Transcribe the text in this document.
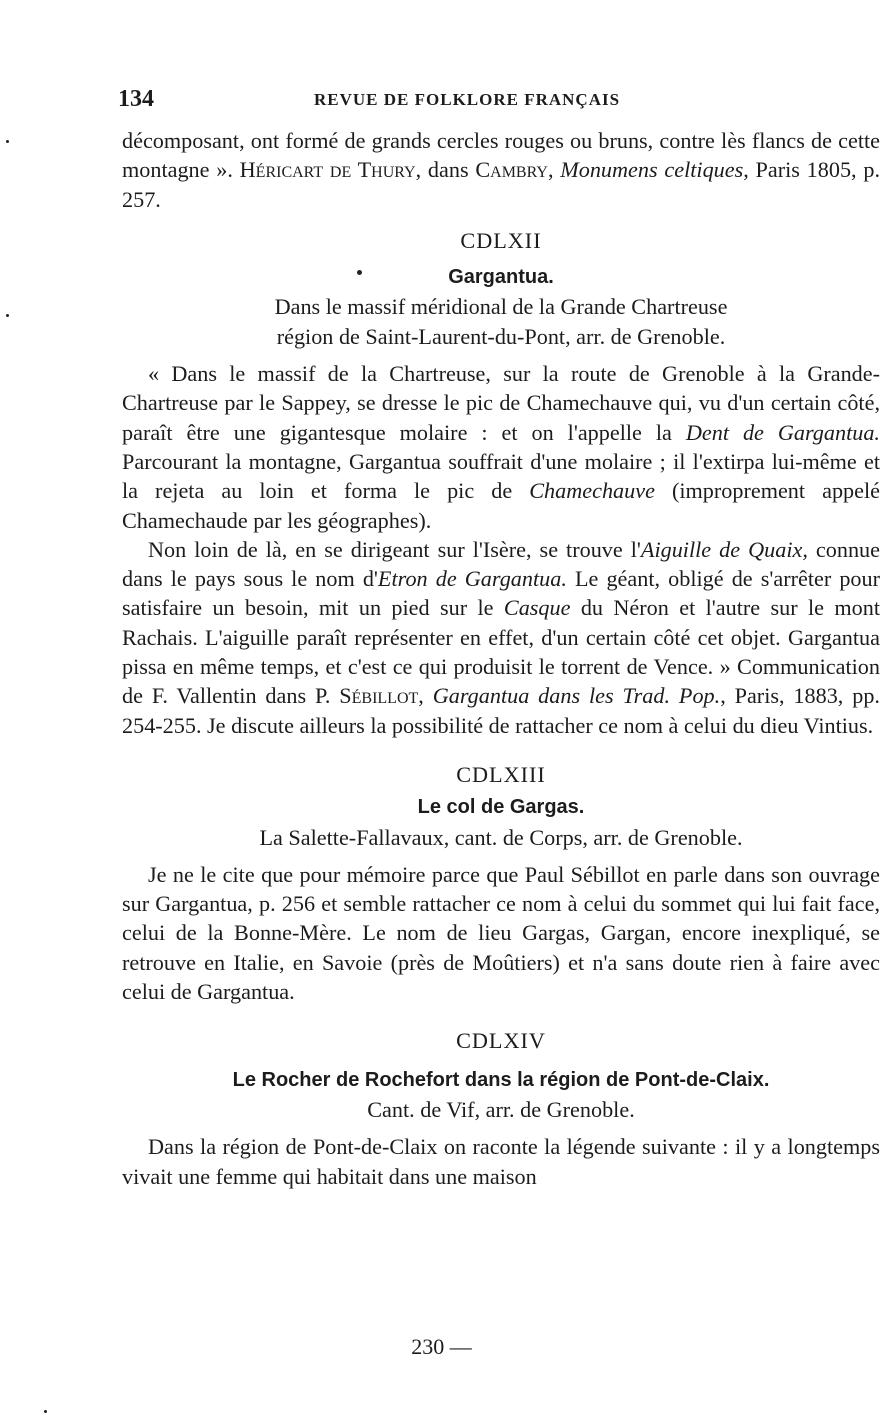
134	REVUE DE FOLKLORE FRANÇAIS

décomposant, ont formé de grands cercles rouges ou bruns, contre lès flancs de cette montagne ». Héricart de Thury, dans Cambry, Monumens celtiques, Paris 1805, p. 257.

CDLXII
Gargantua.
Dans le massif méridional de la Grande Chartreuse
région de Saint-Laurent-du-Pont, arr. de Grenoble.

« Dans le massif de la Chartreuse, sur la route de Grenoble à la Grande-Chartreuse par le Sappey, se dresse le pic de Chamechauve qui, vu d'un certain côté, paraît être une gigantesque molaire : et on l'appelle la Dent de Gargantua. Parcourant la montagne, Gargantua souffrait d'une molaire ; il l'extirpa lui-même et la rejeta au loin et forma le pic de Chamechauve (improprement appelé Chamechaude par les géographes).

Non loin de là, en se dirigeant sur l'Isère, se trouve l'Aiguille de Quaix, connue dans le pays sous le nom d'Etron de Gargantua. Le géant, obligé de s'arrêter pour satisfaire un besoin, mit un pied sur le Casque du Néron et l'autre sur le mont Rachais. L'aiguille paraît représenter en effet, d'un certain côté cet objet. Gargantua pissa en même temps, et c'est ce qui produisit le torrent de Vence. » Communication de F. Vallentin dans P. Sébillot, Gargantua dans les Trad. Pop., Paris, 1883, pp. 254-255. Je discute ailleurs la possibilité de rattacher ce nom à celui du dieu Vintius.

CDLXIII
Le col de Gargas.
La Salette-Fallavaux, cant. de Corps, arr. de Grenoble.

Je ne le cite que pour mémoire parce que Paul Sébillot en parle dans son ouvrage sur Gargantua, p. 256 et semble rattacher ce nom à celui du sommet qui lui fait face, celui de la Bonne-Mère. Le nom de lieu Gargas, Gargan, encore inexpliqué, se retrouve en Italie, en Savoie (près de Moûtiers) et n'a sans doute rien à faire avec celui de Gargantua.

CDLXIV
Le Rocher de Rochefort dans la région de Pont-de-Claix.
Cant. de Vif, arr. de Grenoble.

Dans la région de Pont-de-Claix on raconte la légende suivante : il y a longtemps vivait une femme qui habitait dans une maison

230 —
